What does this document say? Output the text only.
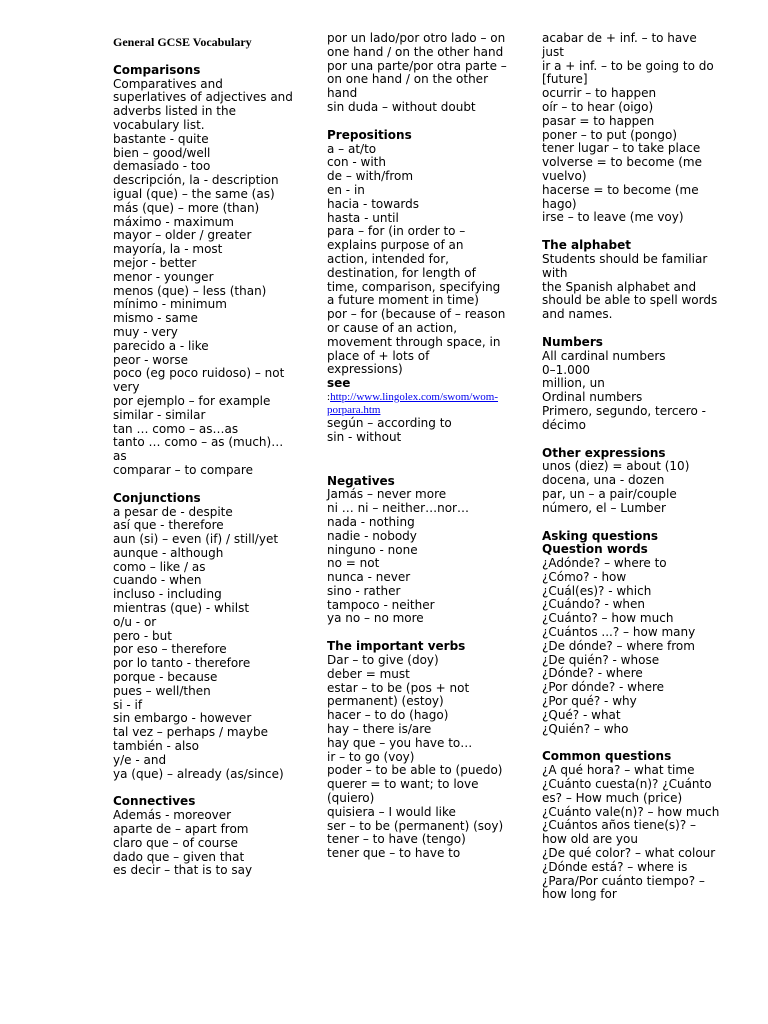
General GCSE Vocabulary
Comparisons
Comparatives and superlatives of adjectives and adverbs listed in the vocabulary list.
bastante - quite
bien – good/well
demasiado - too
descripción, la - description
igual (que) – the same (as)
más (que) – more (than)
máximo - maximum
mayor – older / greater
mayoría, la - most
mejor - better
menor - younger
menos (que) – less (than)
mínimo - minimum
mismo - same
muy - very
parecido a - like
peor - worse
poco (eg poco ruidoso) – not very
por ejemplo – for example
similar - similar
tan … como – as…as
tanto … como – as (much)… as
comparar – to compare
Conjunctions
a pesar de - despite
así que - therefore
aun (si) – even (if) / still/yet
aunque - although
como – like / as
cuando - when
incluso - including
mientras (que) - whilst
o/u - or
pero - but
por eso – therefore
por lo tanto - therefore
porque - because
pues – well/then
si - if
sin embargo - however
tal vez – perhaps / maybe
también - also
y/e - and
ya (que) – already (as/since)
Connectives
Además - moreover
aparte de – apart from
claro que – of course
dado que – given that
es decir – that is to say
por un lado/por otro lado – on one hand / on the other hand
por una parte/por otra parte – on one hand / on the other hand
sin duda – without doubt
Prepositions
a – at/to
con - with
de – with/from
en - in
hacia - towards
hasta - until
para – for (in order to – explains purpose of an action, intended for, destination, for length of time, comparison, specifying a future moment in time)
por – for (because of – reason or cause of an action, movement through space, in place of + lots of expressions)
see
:http://www.lingolex.com/swom/wom-porpara.htm
según – according to
sin - without
Negatives
Jamás – never more
ni … ni – neither…nor…
nada - nothing
nadie - nobody
ninguno - none
no = not
nunca - never
sino - rather
tampoco - neither
ya no – no more
The important verbs
Dar – to give (doy)
deber = must
estar – to be (pos + not permanent) (estoy)
hacer – to do (hago)
hay – there is/are
hay que – you have to…
ir – to go (voy)
poder – to be able to (puedo)
querer = to want; to love (quiero)
quisiera – I would like
ser – to be (permanent) (soy)
tener – to have (tengo)
tener que – to have to
acabar de + inf. – to have just
ir a + inf. – to be going to do [future]
ocurrir – to happen
oír – to hear (oigo)
pasar = to happen
poner – to put (pongo)
tener lugar – to take place
volverse = to become (me vuelvo)
hacerse = to become (me hago)
irse – to leave (me voy)
The alphabet
Students should be familiar with
the Spanish alphabet and should be able to spell words and names.
Numbers
All cardinal numbers
0–1.000
million, un
Ordinal numbers
Primero, segundo, tercero - décimo
Other expressions
unos (diez) = about (10)
docena, una - dozen
par, un – a pair/couple
número, el – Lumber
Asking questions
Question words
¿Adónde? – where to
¿Cómo? - how
¿Cuál(es)? - which
¿Cuándo? - when
¿Cuánto? – how much
¿Cuántos ...? – how many
¿De dónde? – where from
¿De quién? - whose
¿Dónde? - where
¿Por dónde? - where
¿Por qué? - why
¿Qué? - what
¿Quién? – who
Common questions
¿A qué hora? – what time
¿Cuánto cuesta(n)? ¿Cuánto es? – How much (price)
¿Cuánto vale(n)? – how much
¿Cuántos años tiene(s)? – how old are you
¿De qué color? – what colour
¿Dónde está? – where is
¿Para/Por cuánto tiempo? – how long for
